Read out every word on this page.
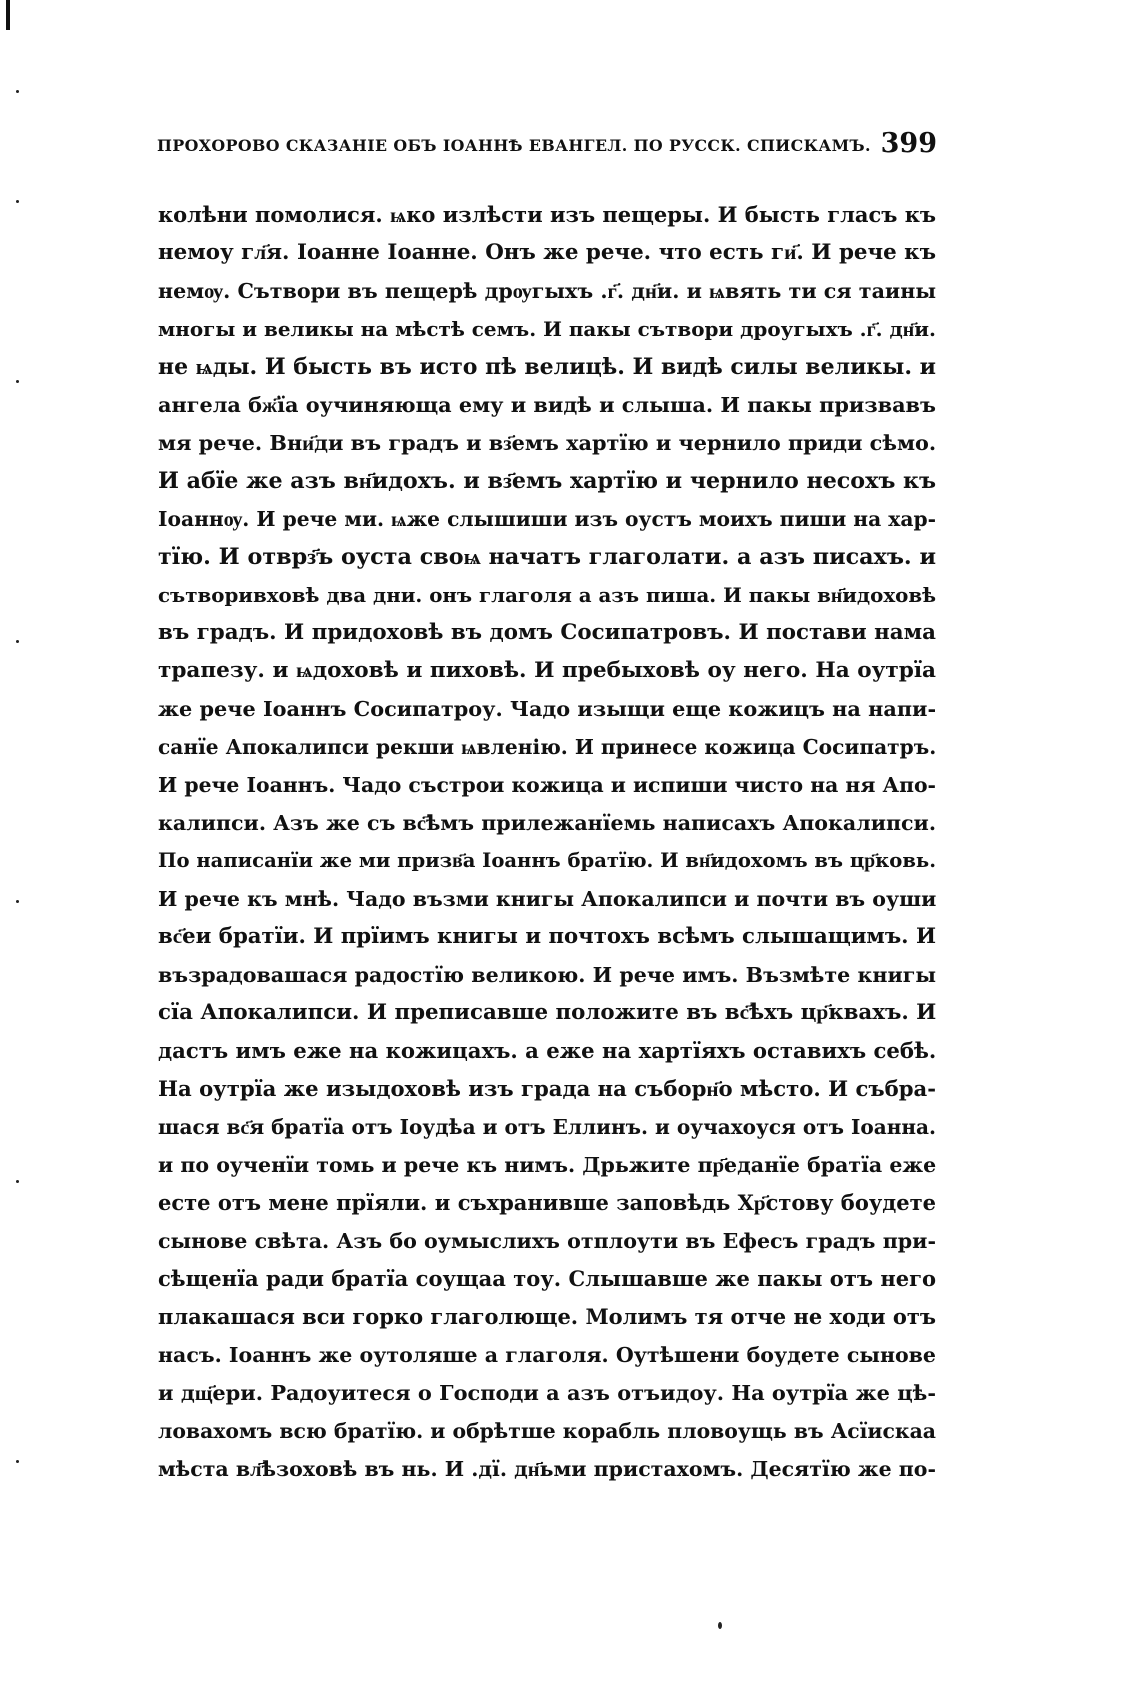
ПРОХОРОВО СКАЗАНІЕ ОБЪ ІОАННѢ ЕВАНГЕЛ. ПО РУССК. СПИСКАМЪ. 399
колѣни помолися. ѩко излѣсти изъ пещеры. И бысть гласъ къ
немоу гл҃я. Іоанне Іоанне. Онъ же рече. что есть ги҃. И рече къ
немѹ. Сътвори въ пещерѣ дрѹгыхъ .г҃. дн҃и. и ѩвять ти ся таины
многы и великы на мѣстѣ семъ. И пакы сътвори дроугыхъ .г҃. дн҃и.
не ѩды. И бысть въ исто пѣ велицѣ. И видѣ силы великы. и
ангела бж҃їа оучиняюща ему и видѣ и слыша. И пакы призвавъ
мя рече. Вни҃ди въ градъ и вз҃емъ хартїю и чернило приди сѣмо.
И абїе же азъ вн҃идохъ. и вз҃емъ хартїю и чернило несохъ къ
Іоаннѹ. И рече ми. ѩже слышиши изъ оустъ моихъ пиши на хар-
тїю. И отврз҃ъ оуста своѩ начатъ глаголати. а азъ писахъ. и
сътворивховѣ два дни. онъ глаголя а азъ пиша. И пакы вн҃идоховѣ
въ градъ. И придоховѣ въ домъ Сосипатровъ. И постави нама
трапезу. и ѩдоховѣ и пиховѣ. И пребыховѣ оу него. На оутрїа
же рече Іоаннъ Сосипатроу. Чадо изыщи еще кожицъ на напи-
санїе Апокалипси рекши ѩвленію. И принесе кожица Сосипатръ.
И рече Іоаннъ. Чадо състрои кожица и испиши чисто на ня Апо-
калипси. Азъ же съ вс҃ѣмъ прилежанїемь написахъ Апокалипси.
По написанїи же ми призв҃а Іоаннъ братїю. И вн҃идохомъ въ цр҃ковь.
И рече къ мнѣ. Чадо възми книгы Апокалипси и почти въ оуши
вс҃еи братїи. И прїимъ книгы и почтохъ всѣмъ слышащимъ. И
възрадовашася радостїю великою. И рече имъ. Възмѣте книгы
сїа Апокалипси. И преписавше положите въ вс҃ѣхъ цр҃квахъ. И
дастъ имъ еже на кожицахъ. а еже на хартїяхъ оставихъ себѣ.
На оутрїа же изыдоховѣ изъ града на съборн҃о мѣсто. И събра-
шася вс҃я братїа отъ Іоудѣа и отъ Еллинъ. и оучахоуся отъ Іоанна.
и по оученїи томь и рече къ нимъ. Дрьжите пр҃еданїе братїа еже
есте отъ мене прїяли. и съхранивше заповѣдь Хр҃стову боудете
сынове свѣта. Азъ бо оумыслихъ отплоути въ Ефесъ градъ при-
сѣщенїа ради братїа соущаа тоу. Слышавше же пакы отъ него
плакашася вси горко глаголюще. Молимъ тя отче не ходи отъ
насъ. Іоаннъ же оутоляше а глаголя. Оутѣшени боудете сынове
и дщ҃ери. Радоуитеся о Господи а азъ отъидоу. На оутрїа же цѣ-
ловахомъ всю братїю. и обрѣтше корабль пловоущь въ Асїискаа
мѣста вл҃ѣзоховѣ въ нь. И .дї. дн҃ьми пристахомъ. Десятїю же по-
